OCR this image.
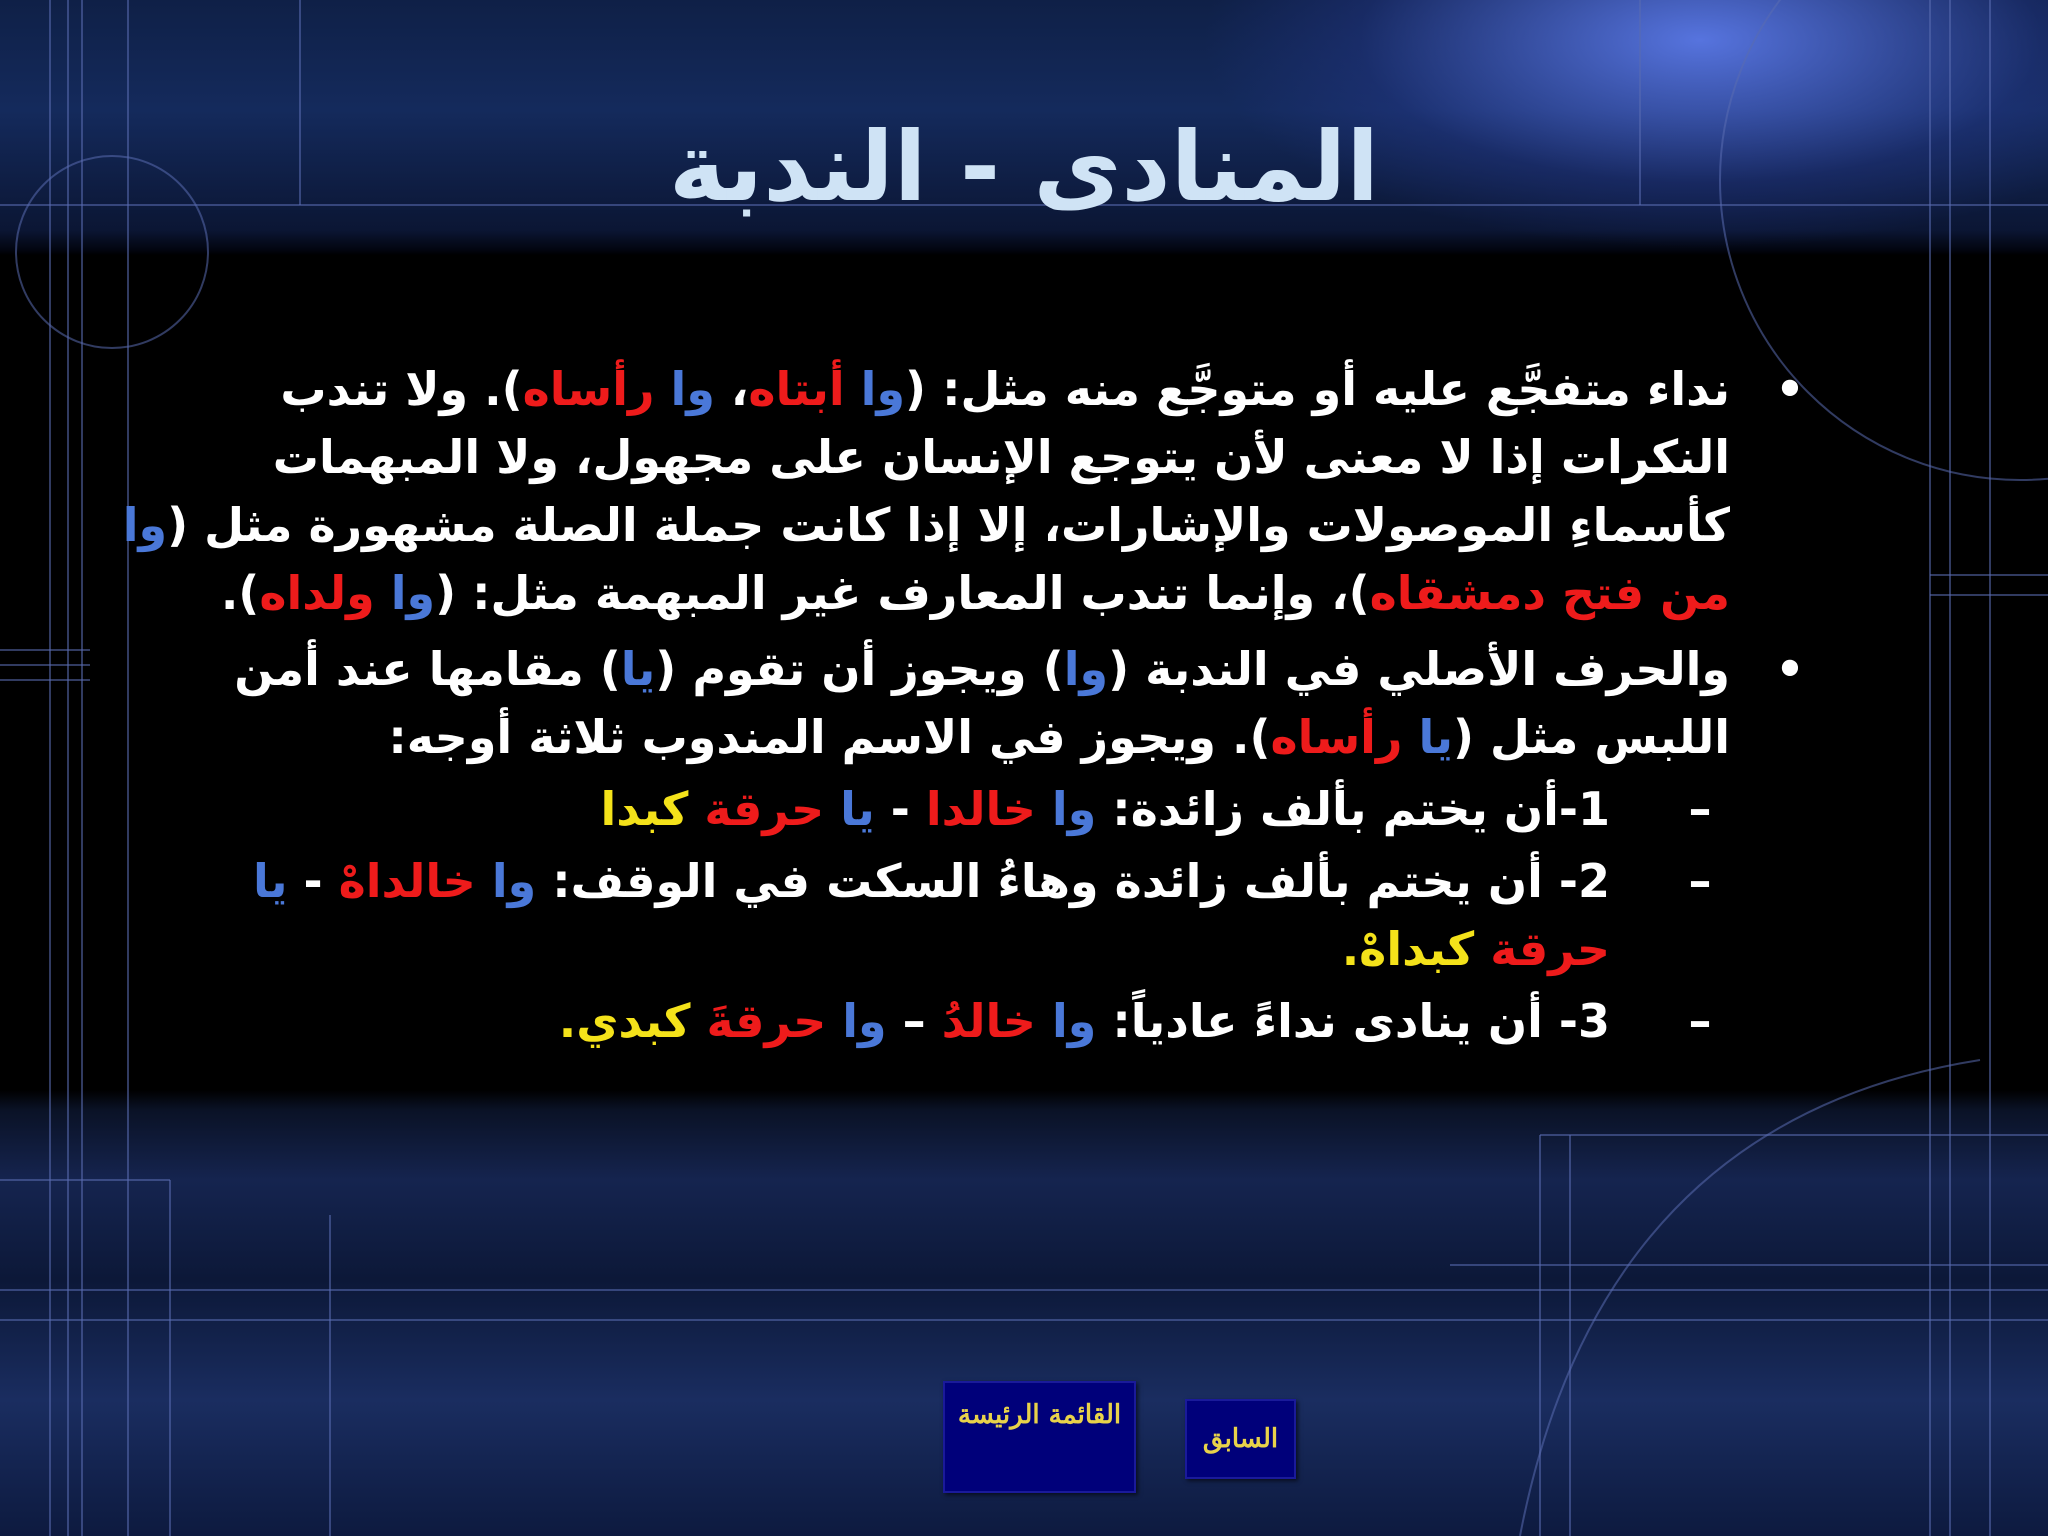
المنادى - الندبة
•
نداء متفجَّع عليه أو متوجَّع منه مثل: (وا أبتاه، وا رأساه). ولا تندب النكرات إذا لا معنى لأن يتوجع الإنسان على مجهول، ولا المبهمات كأسماءِ الموصولات والإشارات، إلا إذا كانت جملة الصلة مشهورة مثل (وا من فتح دمشقاه)، وإنما تندب المعارف غير المبهمة مثل: (وا ولداه).
•
والحرف الأصلي في الندبة (وا) ويجوز أن تقوم (يا) مقامها عند أمن اللبس مثل (يا رأساه). ويجوز في الاسم المندوب ثلاثة أوجه:
–
1-أن يختم بألف زائدة: وا خالدا - يا حرقة كبدا
–
2- أن يختم بألف زائدة وهاءُ السكت في الوقف: وا خالداهْ - يا حرقة كبداهْ.
–
3- أن ينادى نداءً عادياً: وا خالدُ – وا حرقةَ كبدي.
القائمة الرئيسة
السابق
